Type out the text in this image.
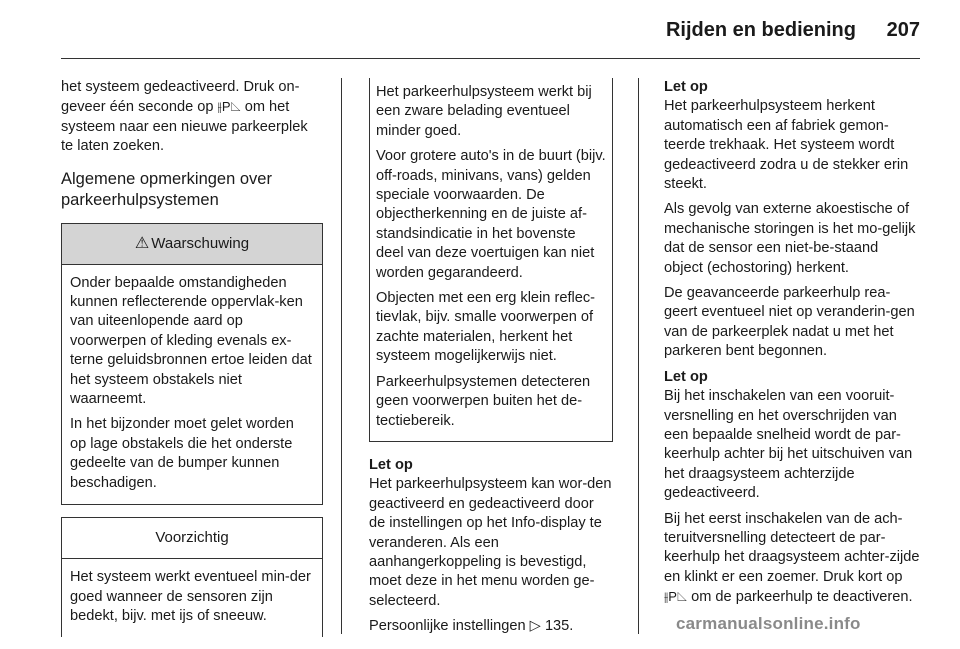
Rijden en bediening 207

het systeem gedeactiveerd. Druk on-geveer één seconde op ⫲P◺ om het systeem naar een nieuwe parkeerplek te laten zoeken.

Algemene opmerkingen over parkeerhulpsystemen
⚠ Waarschuwing

Onder bepaalde omstandigheden kunnen reflecterende oppervlak-ken van uiteenlopende aard op voorwerpen of kleding evenals ex-terne geluidsbronnen ertoe leiden dat het systeem obstakels niet waarneemt.

In het bijzonder moet gelet worden op lage obstakels die het onderste gedeelte van de bumper kunnen beschadigen.

Voorzichtig

Het systeem werkt eventueel min-der goed wanneer de sensoren zijn bedekt, bijv. met ijs of sneeuw.

Het parkeerhulpsysteem werkt bij een zware belading eventueel minder goed.

Voor grotere auto's in de buurt (bijv. off-roads, minivans, vans) gelden speciale voorwaarden. De objectherkenning en de juiste af-standsindicatie in het bovenste deel van deze voertuigen kan niet worden gegarandeerd.

Objecten met een erg klein reflec-tievlak, bijv. smalle voorwerpen of zachte materialen, herkent het systeem mogelijkerwijs niet.

Parkeerhulpsystemen detecteren geen voorwerpen buiten het de-tectiebereik.

Let op

Het parkeerhulpsysteem kan wor-den geactiveerd en gedeactiveerd door de instellingen op het Info-display te veranderen. Als een aanhangerkoppeling is bevestigd, moet deze in het menu worden ge-selecteerd.

Persoonlijke instellingen ▷ 135.

Let op

Het parkeerhulpsysteem herkent automatisch een af fabriek gemon-teerde trekhaak. Het systeem wordt gedeactiveerd zodra u de stekker erin steekt.

Als gevolg van externe akoestische of mechanische storingen is het mo-gelijk dat de sensor een niet-be-staand object (echostoring) herkent.

De geavanceerde parkeerhulp rea-geert eventueel niet op veranderin-gen van de parkeerplek nadat u met het parkeren bent begonnen.

Let op

Bij het inschakelen van een vooruit-versnelling en het overschrijden van een bepaalde snelheid wordt de par-keerhulp achter bij het uitschuiven van het draagsysteem achterzijde gedeactiveerd.

Bij het eerst inschakelen van de ach-teruitversnelling detecteert de par-keerhulp het draagsysteem achter-zijde en klinkt er een zoemer. Druk kort op ⫲P◺ om de parkeerhulp te deactiveren.

carmanualsonline.info
